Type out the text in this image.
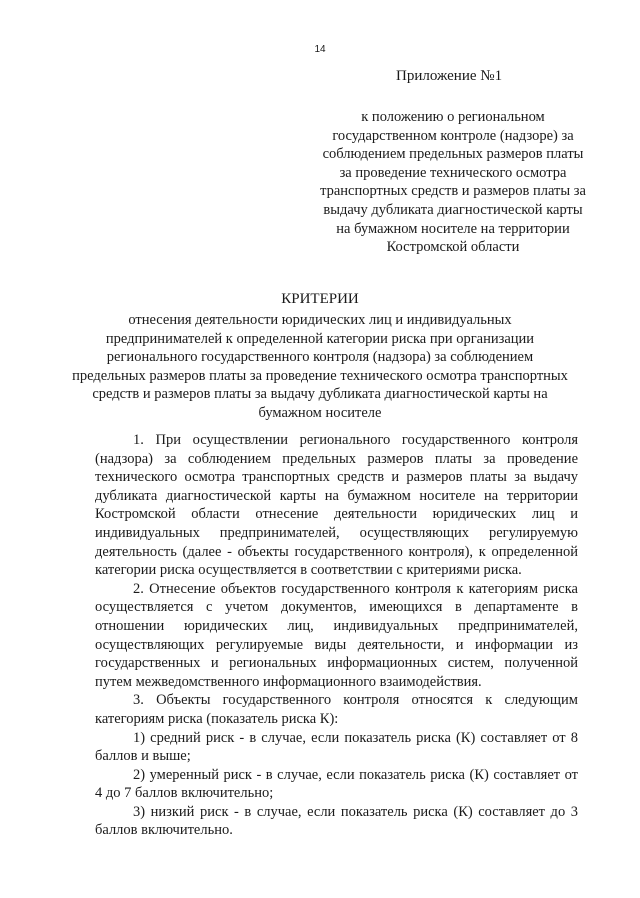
14
Приложение №1
к положению о региональном государственном контроле (надзоре) за соблюдением предельных размеров платы за проведение технического осмотра транспортных средств и размеров платы за выдачу дубликата диагностической карты на бумажном носителе на территории Костромской области
КРИТЕРИИ
отнесения деятельности юридических лиц и индивидуальных предпринимателей к определенной категории риска при организации регионального государственного контроля (надзора) за соблюдением предельных размеров платы за проведение технического осмотра транспортных средств и размеров платы за выдачу дубликата диагностической карты на бумажном носителе

1. При осуществлении регионального государственного контроля (надзора) за соблюдением предельных размеров платы за проведение технического осмотра транспортных средств и размеров платы за выдачу дубликата диагностической карты на бумажном носителе на территории Костромской области отнесение деятельности юридических лиц и индивидуальных предпринимателей, осуществляющих регулируемую деятельность (далее - объекты государственного контроля), к определенной категории риска осуществляется в соответствии с критериями риска.

2. Отнесение объектов государственного контроля к категориям риска осуществляется с учетом документов, имеющихся в департаменте в отношении юридических лиц, индивидуальных предпринимателей, осуществляющих регулируемые виды деятельности, и информации из государственных и региональных информационных систем, полученной путем межведомственного информационного взаимодействия.

3. Объекты государственного контроля относятся к следующим категориям риска (показатель риска К):

1) средний риск - в случае, если показатель риска (К) составляет от 8 баллов и выше;

2) умеренный риск - в случае, если показатель риска (К) составляет от 4 до 7 баллов включительно;

3) низкий риск - в случае, если показатель риска (К) составляет до 3 баллов включительно.
